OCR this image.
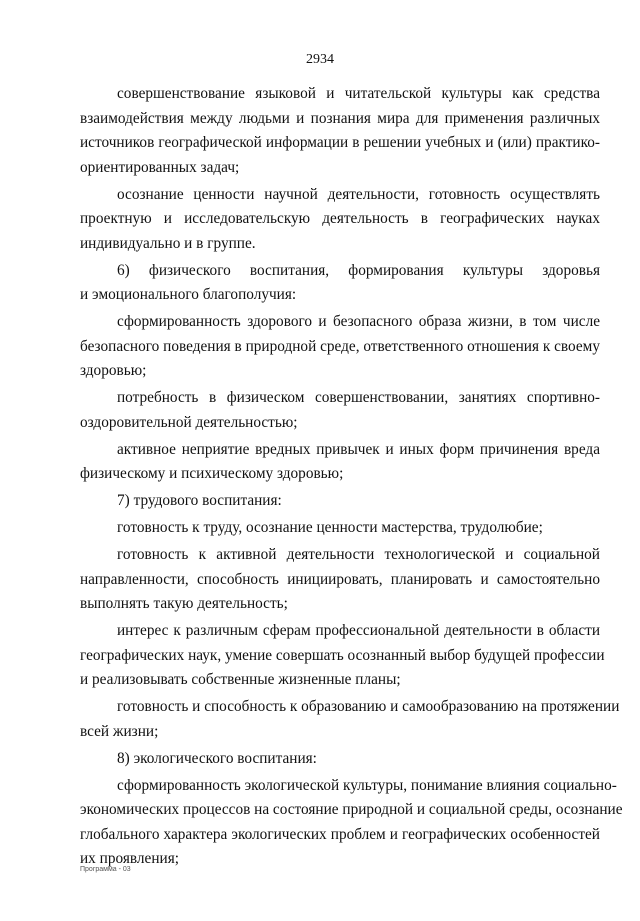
2934
совершенствование языковой и читательской культуры как средства
взаимодействия между людьми и познания мира для применения различных
источников географической информации в решении учебных и (или) практико-
ориентированных задач;
осознание ценности научной деятельности, готовность осуществлять
проектную и исследовательскую деятельность в географических науках
индивидуально и в группе.
6) физического воспитания, формирования культуры здоровья
и эмоционального благополучия:
сформированность здорового и безопасного образа жизни, в том числе
безопасного поведения в природной среде, ответственного отношения к своему
здоровью;
потребность в физическом совершенствовании, занятиях спортивно-
оздоровительной деятельностью;
активное неприятие вредных привычек и иных форм причинения вреда
физическому и психическому здоровью;
7) трудового воспитания:
готовность к труду, осознание ценности мастерства, трудолюбие;
готовность к активной деятельности технологической и социальной
направленности, способность инициировать, планировать и самостоятельно
выполнять такую деятельность;
интерес к различным сферам профессиональной деятельности в области
географических наук, умение совершать осознанный выбор будущей профессии
и реализовывать собственные жизненные планы;
готовность и способность к образованию и самообразованию на протяжении
всей жизни;
8) экологического воспитания:
сформированность экологической культуры, понимание влияния социально-
экономических процессов на состояние природной и социальной среды, осознание
глобального характера экологических проблем и географических особенностей
их проявления;
Программа - 03
